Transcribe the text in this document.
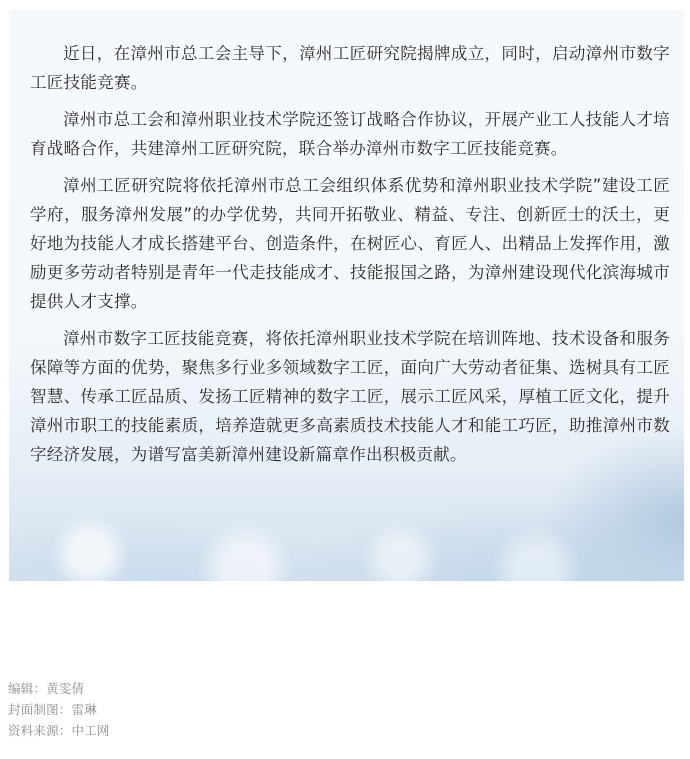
近日，在漳州市总工会主导下，漳州工匠研究院揭牌成立，同时，启动漳州市数字工匠技能竞赛。

漳州市总工会和漳州职业技术学院还签订战略合作协议，开展产业工人技能人才培育战略合作，共建漳州工匠研究院，联合举办漳州市数字工匠技能竞赛。

漳州工匠研究院将依托漳州市总工会组织体系优势和漳州职业技术学院”建设工匠学府，服务漳州发展”的办学优势，共同开拓敬业、精益、专注、创新匠士的沃土，更好地为技能人才成长搭建平台、创造条件，在树匠心、育匠人、出精品上发挥作用，激励更多劳动者特别是青年一代走技能成才、技能报国之路，为漳州建设现代化滨海城市提供人才支撑。

漳州市数字工匠技能竞赛，将依托漳州职业技术学院在培训阵地、技术设备和服务保障等方面的优势，聚焦多行业多领域数字工匠，面向广大劳动者征集、选树具有工匠智慧、传承工匠品质、发扬工匠精神的数字工匠，展示工匠风采，厚植工匠文化，提升漳州市职工的技能素质，培养造就更多高素质技术技能人才和能工巧匠，助推漳州市数字经济发展，为谱写富美新漳州建设新篇章作出积极贡献。

编辑：黄雯倩
封面制图：雷琳
资料来源：中工网
